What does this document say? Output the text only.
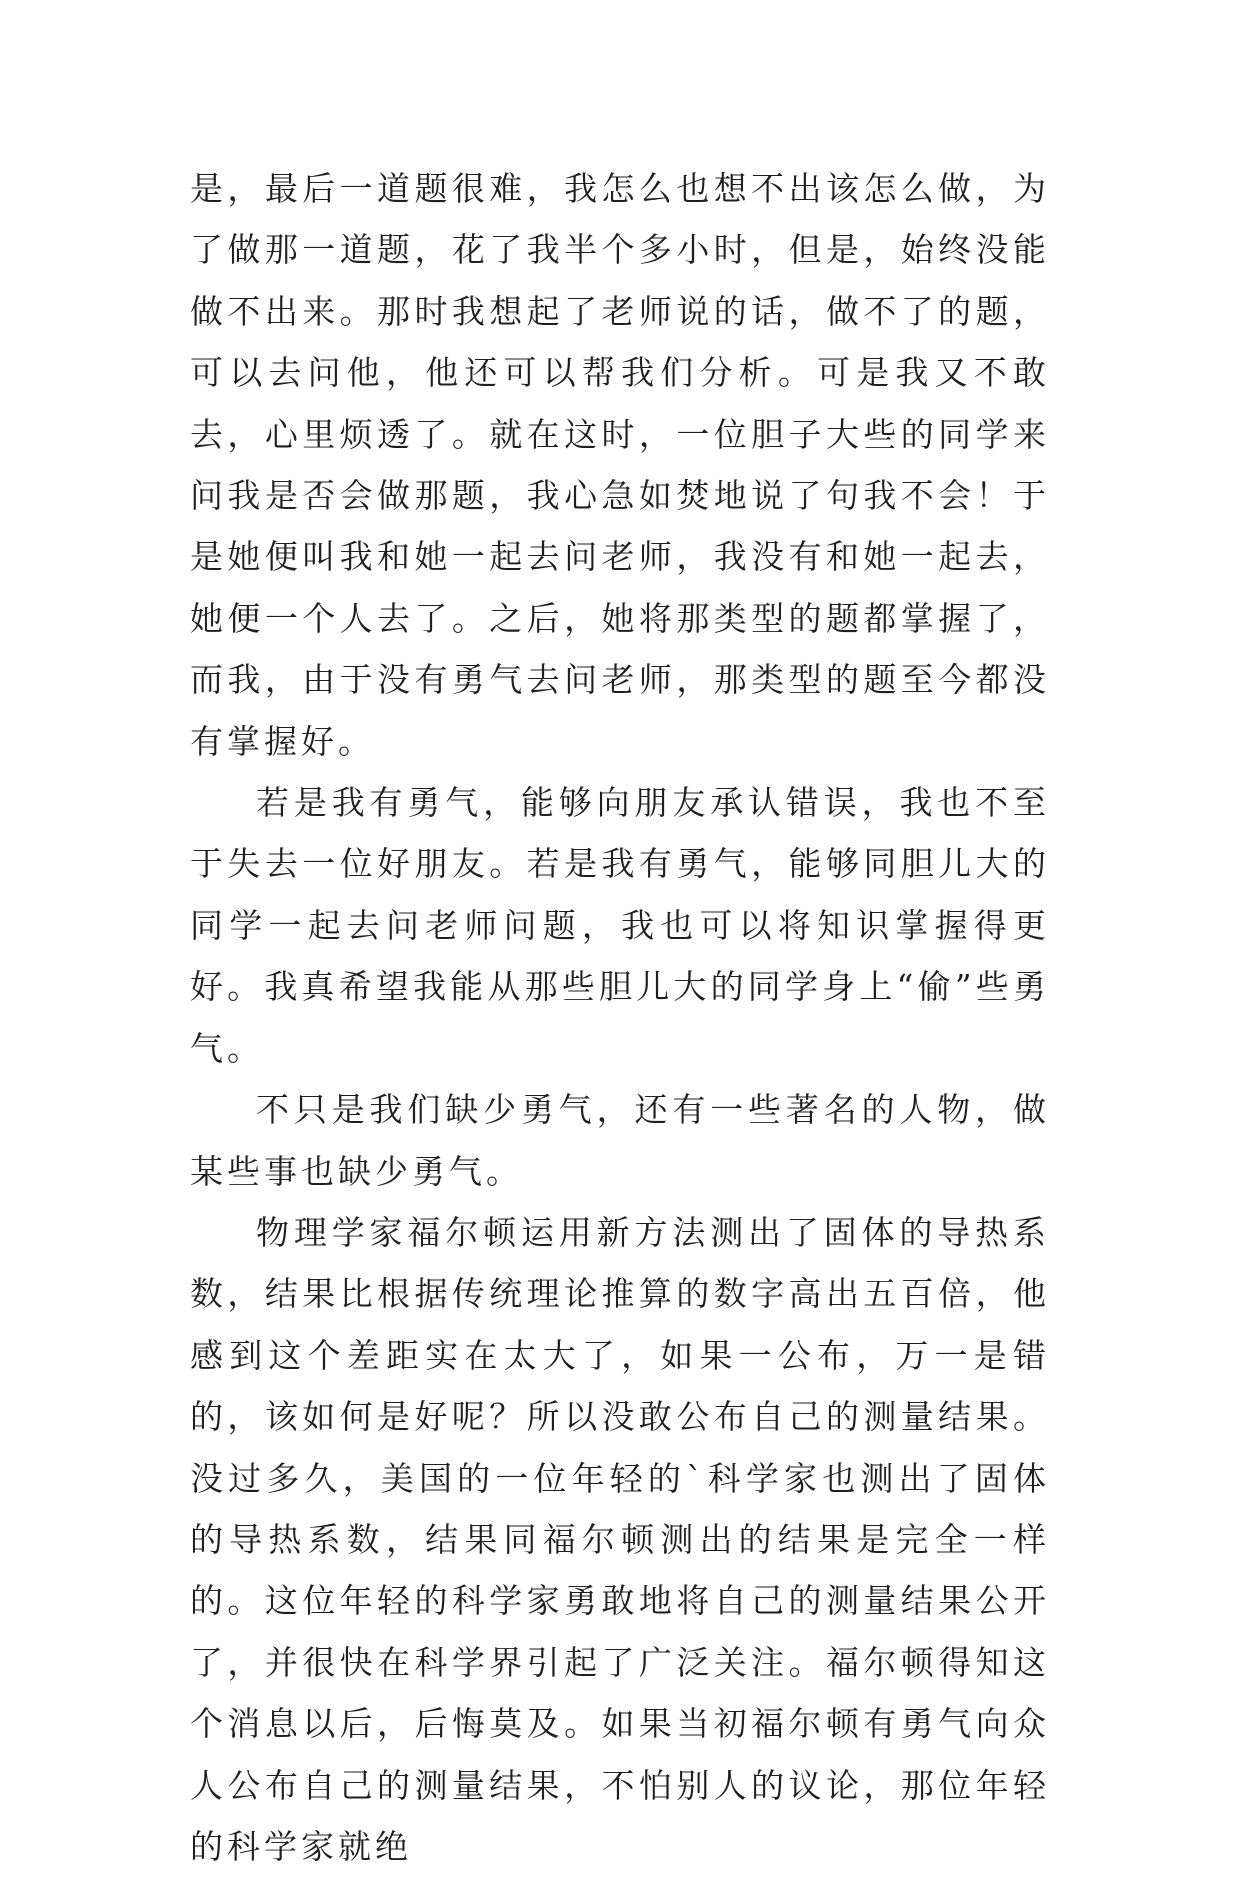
是，最后一道题很难，我怎么也想不出该怎么做，为了做那一道题，花了我半个多小时，但是，始终没能做不出来。那时我想起了老师说的话，做不了的题，可以去问他，他还可以帮我们分析。可是我又不敢去，心里烦透了。就在这时，一位胆子大些的同学来问我是否会做那题，我心急如焚地说了句我不会！于是她便叫我和她一起去问老师，我没有和她一起去，她便一个人去了。之后，她将那类型的题都掌握了，而我，由于没有勇气去问老师，那类型的题至今都没有掌握好。

若是我有勇气，能够向朋友承认错误，我也不至于失去一位好朋友。若是我有勇气，能够同胆儿大的同学一起去问老师问题，我也可以将知识掌握得更好。我真希望我能从那些胆儿大的同学身上“偷”些勇气。

不只是我们缺少勇气，还有一些著名的人物，做某些事也缺少勇气。

物理学家福尔顿运用新方法测出了固体的导热系数，结果比根据传统理论推算的数字高出五百倍，他感到这个差距实在太大了，如果一公布，万一是错的，该如何是好呢？所以没敢公布自己的测量结果。没过多久，美国的一位年轻的`科学家也测出了固体的导热系数，结果同福尔顿测出的结果是完全一样的。这位年轻的科学家勇敢地将自己的测量结果公开了，并很快在科学界引起了广泛关注。福尔顿得知这个消息以后，后悔莫及。如果当初福尔顿有勇气向众人公布自己的测量结果，不怕别人的议论，那位年轻的科学家就绝
